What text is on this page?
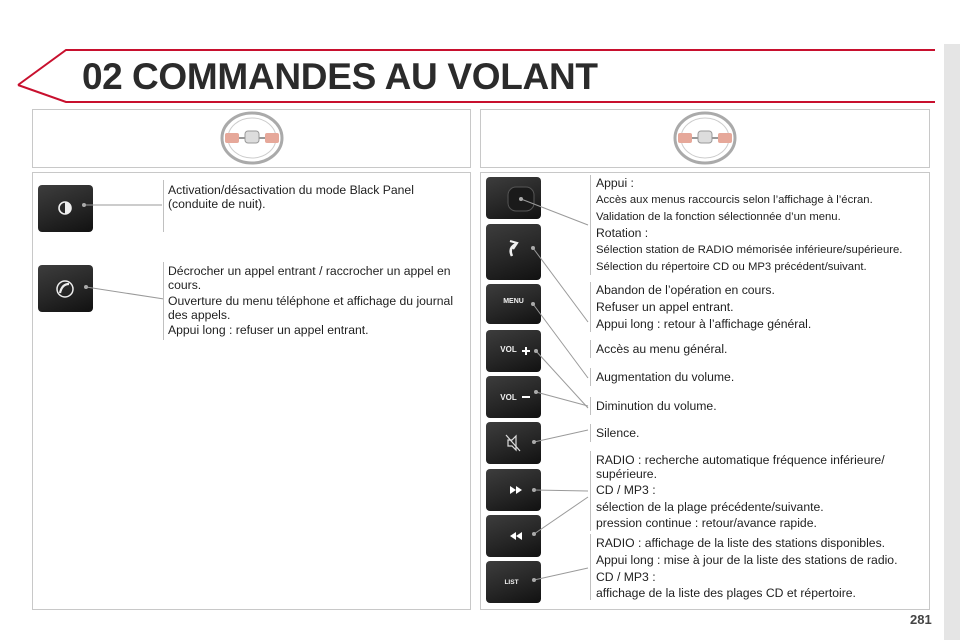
02 COMMANDES AU VOLANT
Activation/désactivation du mode Black Panel (conduite de nuit).
Décrocher un appel entrant / raccrocher un appel en cours.
Ouverture du menu téléphone et affichage du journal des appels.
Appui long : refuser un appel entrant.
MENU
VOL
VOL
LIST
Appui :
Accès aux menus raccourcis selon l’affichage à l’écran.
Validation de la fonction sélectionnée d’un menu.
Rotation :
Sélection station de RADIO mémorisée inférieure/supérieure.
Sélection du répertoire CD ou MP3 précédent/suivant.
Abandon de l’opération en cours.
Refuser un appel entrant.
Appui long : retour à l’affichage général.
Accès au menu général.
Augmentation du volume.
Diminution du volume.
Silence.
RADIO : recherche automatique fréquence inférieure/ supérieure.
CD / MP3 :
sélection de la plage précédente/suivante.
pression continue : retour/avance rapide.
RADIO : affichage de la liste des stations disponibles.
Appui long : mise à jour de la liste des stations de radio.
CD / MP3 :
affichage de la liste des plages CD et répertoire.
281
